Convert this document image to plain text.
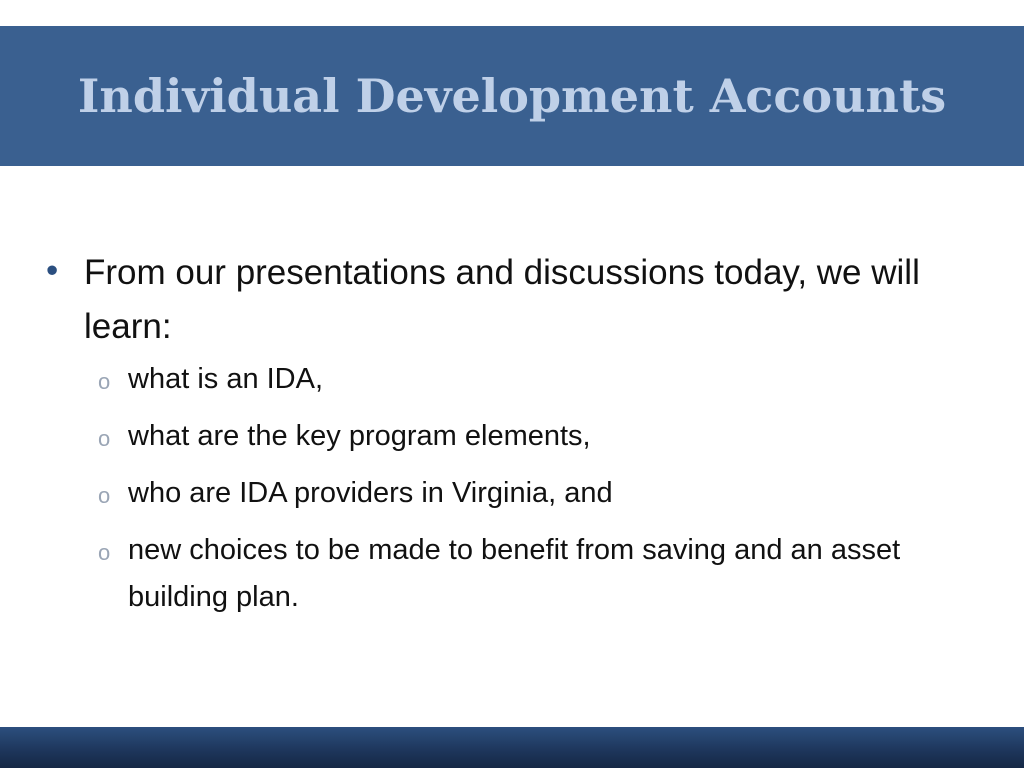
Individual Development Accounts
• From our presentations and discussions today, we will learn:
o what is an IDA,
o what are the key program elements,
o who are IDA providers in Virginia, and
o new choices to be made to benefit from saving and an asset building plan.
